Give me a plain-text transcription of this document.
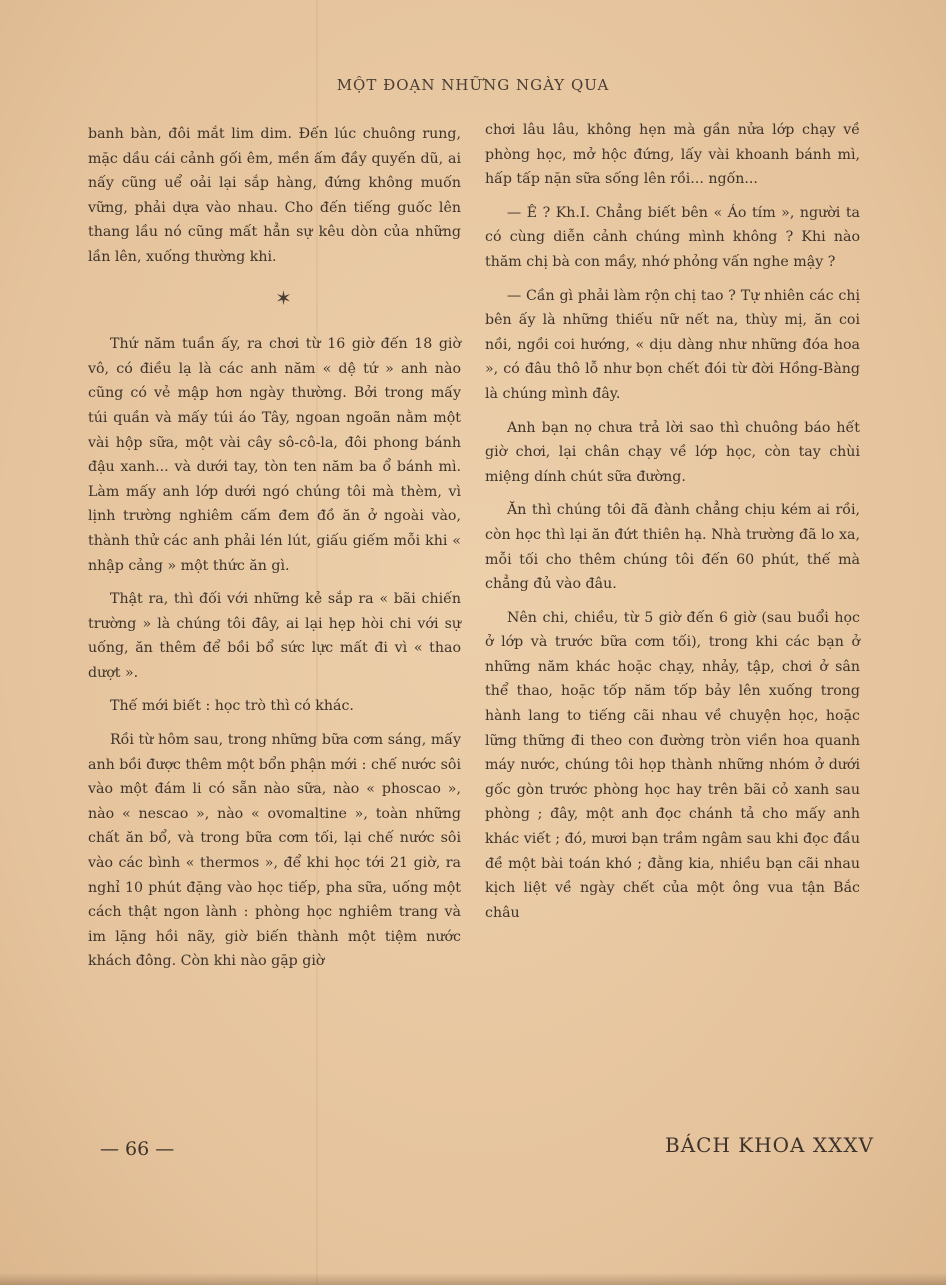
MỘT ĐOẠN NHỮNG NGÀY QUA

banh bàn, đôi mắt lim dim. Đến lúc chuông rung, mặc dầu cái cảnh gối êm, mền ấm đầy quyến dũ, ai nấy cũng uể oải lại sắp hàng, đứng không muốn vững, phải dựa vào nhau. Cho đến tiếng guốc lên thang lầu nó cũng mất hẳn sự kêu dòn của những lần lên, xuống thường khi.

✶

Thứ năm tuần ấy, ra chơi từ 16 giờ đến 18 giờ vô, có điều lạ là các anh năm « dệ tứ » anh nào cũng có vẻ mập hơn ngày thường. Bởi trong mấy túi quần và mấy túi áo Tây, ngoan ngoãn nằm một vài hộp sữa, một vài cây sô-cô-la, đôi phong bánh đậu xanh... và dưới tay, tòn ten năm ba ổ bánh mì. Làm mấy anh lớp dưới ngó chúng tôi mà thèm, vì lịnh trường nghiêm cấm đem đồ ăn ở ngoài vào, thành thử các anh phải lén lút, giấu giếm mỗi khi « nhập cảng » một thức ăn gì.

Thật ra, thì đối với những kẻ sắp ra « bãi chiến trường » là chúng tôi đây, ai lại hẹp hòi chi với sự uống, ăn thêm để bồi bổ sức lực mất đi vì « thao dượt ».

Thế mới biết : học trò thì có khác.

Rồi từ hôm sau, trong những bữa cơm sáng, mấy anh bồi được thêm một bổn phận mới : chế nước sôi vào một đám li có sẵn nào sữa, nào « phoscao », nào « nescao », nào « ovomaltine », toàn những chất ăn bổ, và trong bữa cơm tối, lại chế nước sôi vào các bình « thermos », để khi học tới 21 giờ, ra nghỉ 10 phút đặng vào học tiếp, pha sữa, uống một cách thật ngon lành : phòng học nghiêm trang và im lặng hồi nãy, giờ biến thành một tiệm nước khách đông. Còn khi nào gặp giờ

chơi lâu lâu, không hẹn mà gần nửa lớp chạy về phòng học, mở hộc đứng, lấy vài khoanh bánh mì, hấp tấp nặn sữa sống lên rồi... ngốn...

— Ê ? Kh.I. Chẳng biết bên « Áo tím », người ta có cùng diễn cảnh chúng mình không ? Khi nào thăm chị bà con mầy, nhớ phỏng vấn nghe mậy ?

— Cần gì phải làm rộn chị tao ? Tự nhiên các chị bên ấy là những thiếu nữ nết na, thùy mị, ăn coi nồi, ngồi coi hướng, « dịu dàng như những đóa hoa », có đâu thô lỗ như bọn chết đói từ đời Hồng-Bàng là chúng mình đây.

Anh bạn nọ chưa trả lời sao thì chuông báo hết giờ chơi, lại chân chạy về lớp học, còn tay chùi miệng dính chút sữa đường.

Ăn thì chúng tôi đã đành chẳng chịu kém ai rồi, còn học thì lại ăn đứt thiên hạ. Nhà trường đã lo xa, mỗi tối cho thêm chúng tôi đến 60 phút, thế mà chẳng đủ vào đâu.

Nên chi, chiều, từ 5 giờ đến 6 giờ (sau buổi học ở lớp và trước bữa cơm tối), trong khi các bạn ở những năm khác hoặc chạy, nhảy, tập, chơi ở sân thể thao, hoặc tốp năm tốp bảy lên xuống trong hành lang to tiếng cãi nhau về chuyện học, hoặc lững thững đi theo con đường tròn viền hoa quanh máy nước, chúng tôi họp thành những nhóm ở dưới gốc gòn trước phòng học hay trên bãi cỏ xanh sau phòng ; đây, một anh đọc chánh tả cho mấy anh khác viết ; đó, mươi bạn trầm ngâm sau khi đọc đầu đề một bài toán khó ; đằng kia, nhiều bạn cãi nhau kịch liệt về ngày chết của một ông vua tận Bắc châu

— 66 —	BÁCH KHOA XXXV
